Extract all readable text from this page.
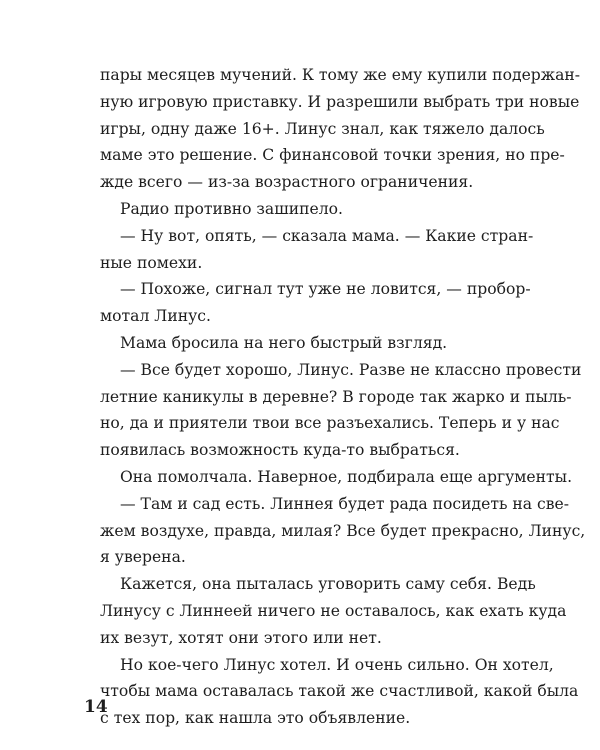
пары месяцев мучений. К тому же ему купили подержан-
ную игровую приставку. И разрешили выбрать три новые
игры, одну даже 16+. Линус знал, как тяжело далось
маме это решение. С финансовой точки зрения, но пре-
жде всего — из-за возрастного ограничения.
Радио противно зашипело.
— Ну вот, опять, — сказала мама. — Какие стран-
ные помехи.
— Похоже, сигнал тут уже не ловится, — пробор-
мотал Линус.
Мама бросила на него быстрый взгляд.
— Все будет хорошо, Линус. Разве не классно провести
летние каникулы в деревне? В городе так жарко и пыль-
но, да и приятели твои все разъехались. Теперь и у нас
появилась возможность куда-то выбраться.
Она помолчала. Наверное, подбирала еще аргументы.
— Там и сад есть. Линнея будет рада посидеть на све-
жем воздухе, правда, милая? Все будет прекрасно, Линус,
я уверена.
Кажется, она пыталась уговорить саму себя. Ведь
Линусу с Линнеей ничего не оставалось, как ехать куда
их везут, хотят они этого или нет.
Но кое-чего Линус хотел. И очень сильно. Он хотел,
чтобы мама оставалась такой же счастливой, какой была
с тех пор, как нашла это объявление.
14
